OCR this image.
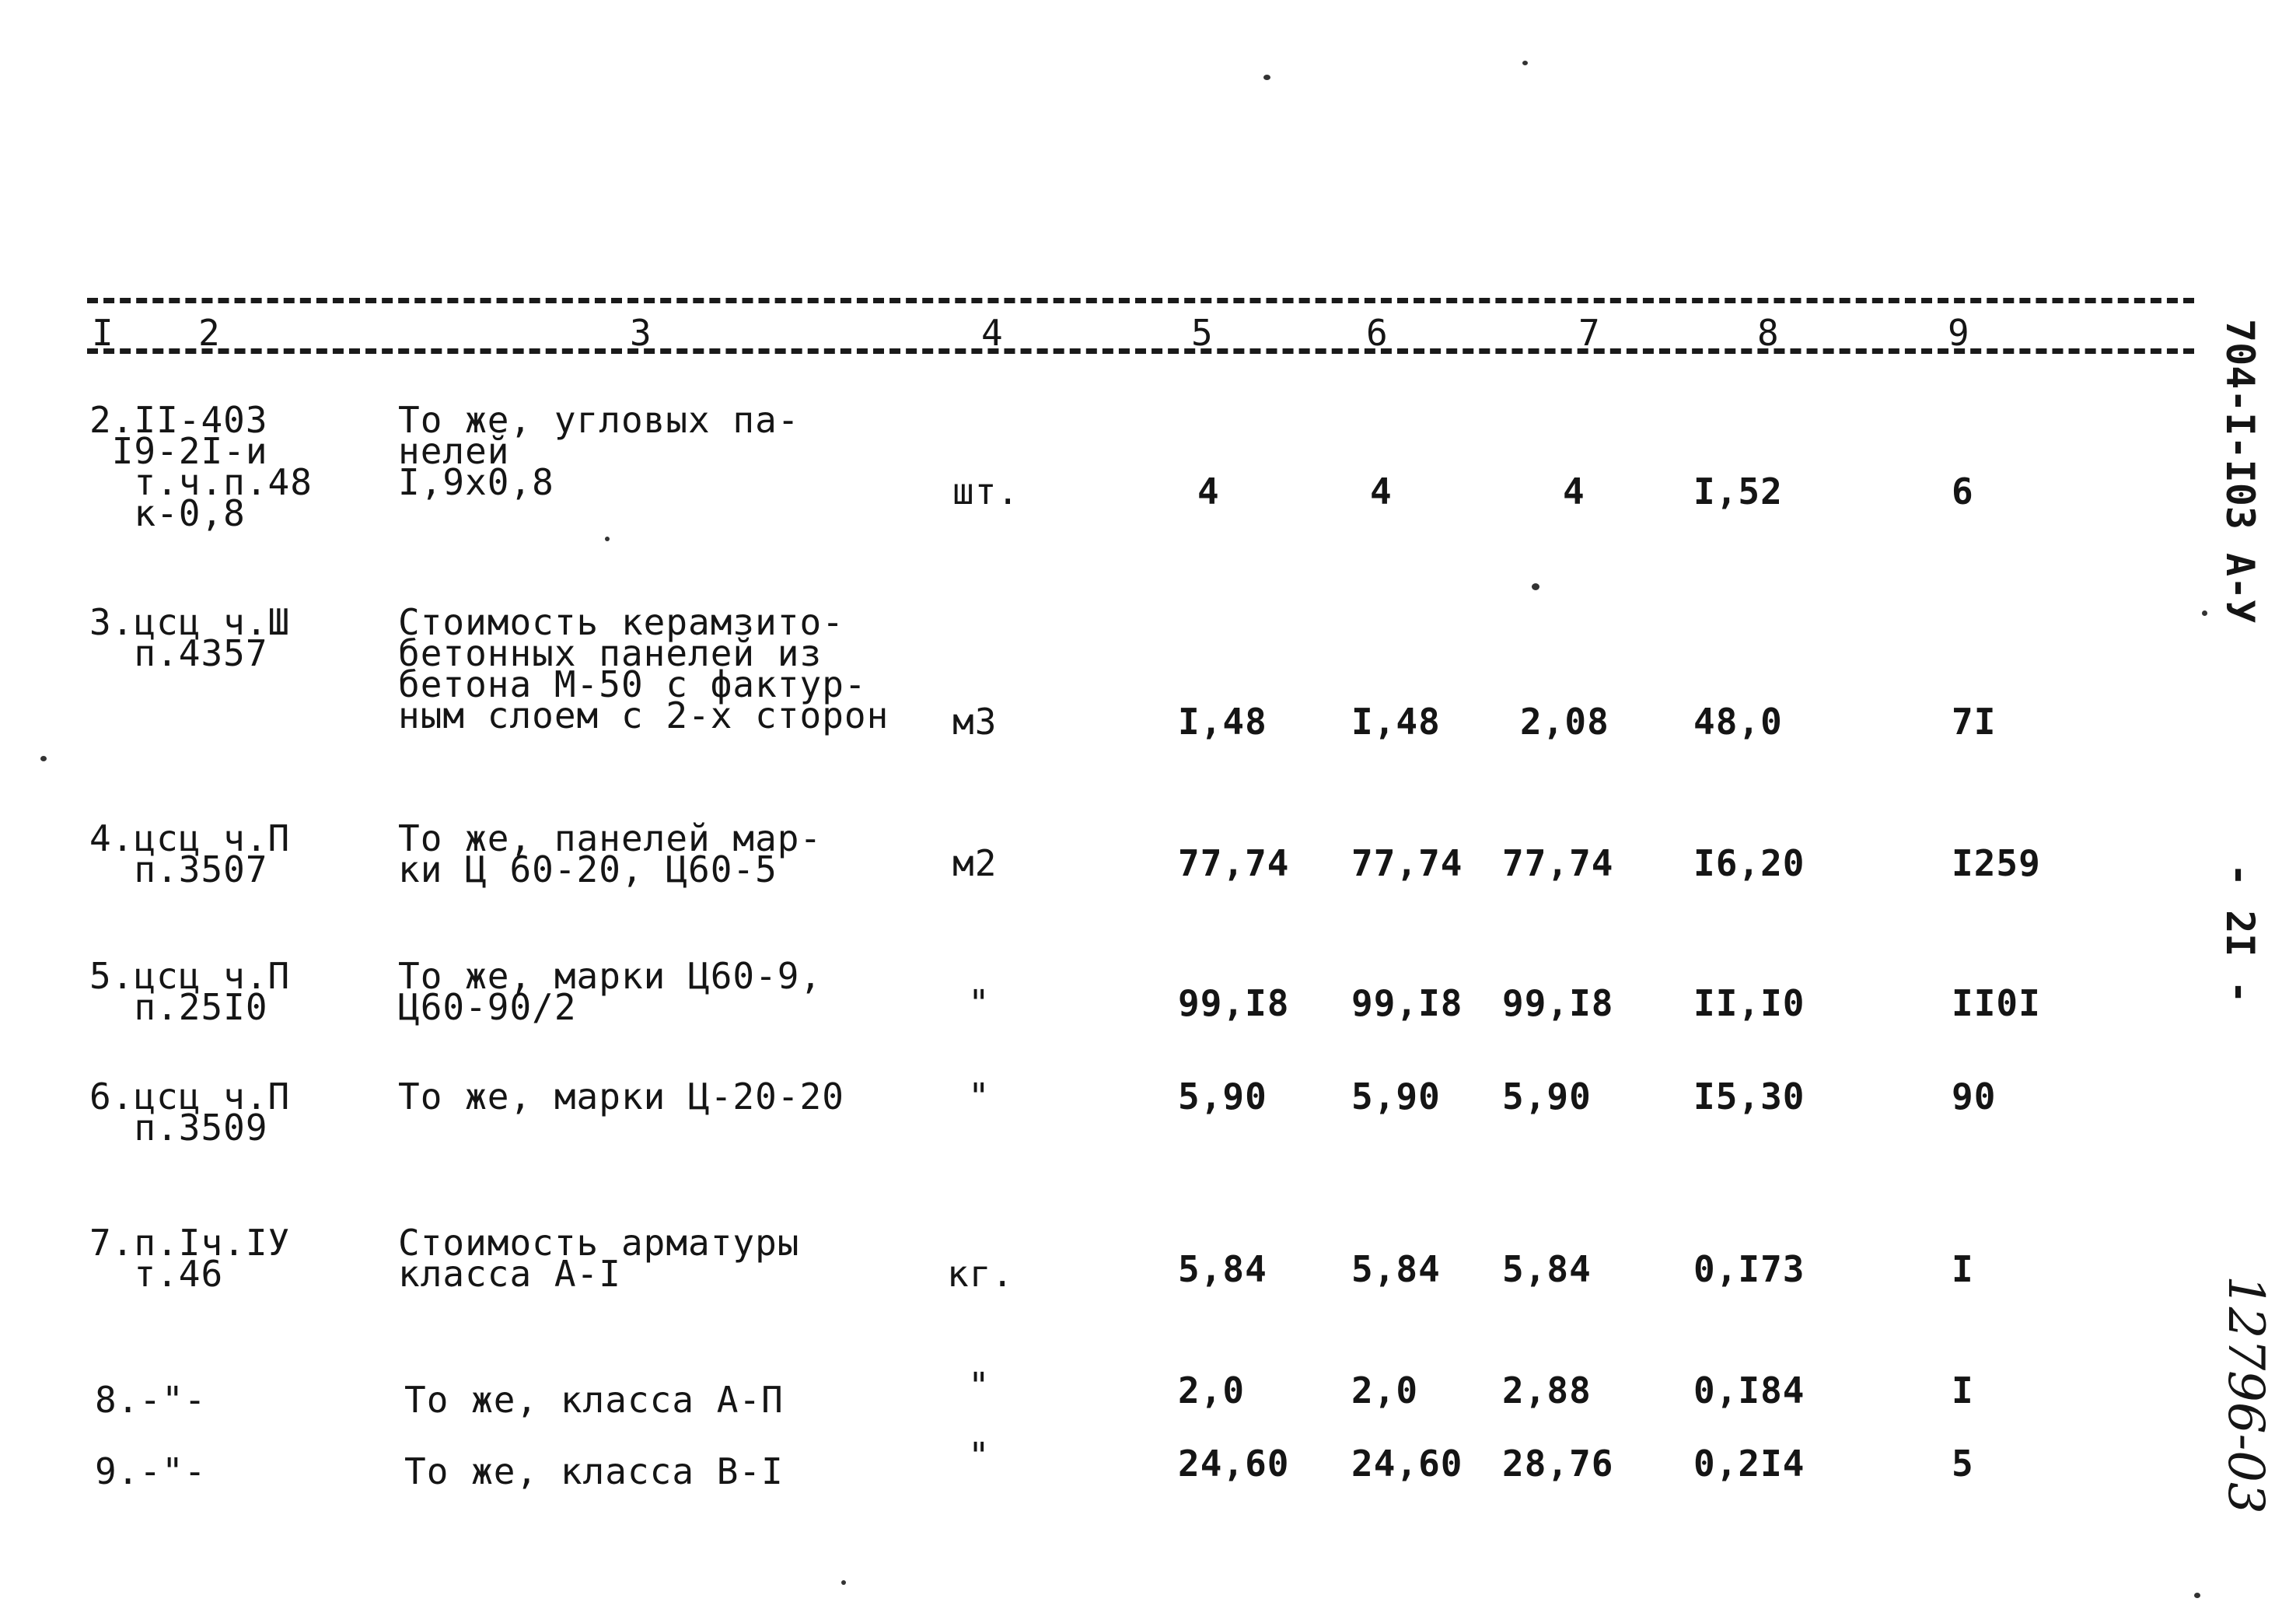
I 2	3	4	5	6	7	8	9
2.II-403
I9-2I-и
т.ч.п.48
к-0,8
То же, угловых па-
нелей
I,9х0,8	шт.	4	4	4	I,52	6
3.цсц ч.Ш
п.4357
Стоимость керамзито-
бетонных панелей из
бетона М-50 с фактур-
ным слоем с 2-х сторон м3	I,48 I,48 2,08 48,0	7I
4.цсц ч.П
п.3507
То же, панелей мар-
ки Ц 60-20, Ц60-5	м2	77,74 77,74 77,74 I6,20	I259
5.цсц ч.П
п.25I0
То же, марки Ц60-9,
Ц60-90/2	"	99,I8 99,I8 99,I8 II,I0	II0I
6.цсц ч.П
п.3509
То же, марки Ц-20-20	"	5,90 5,90 5,90	I5,30	90
7.п.Iч.IУ
т.46
Стоимость арматуры
класса А-I	кг.	5,84 5,84 5,84	0,I73	I
8.-"-	То же, класса А-П	"	2,0	2,0 2,88	0,I84	I
9.-"-	То же, класса В-I	"	24,60 24,60 28,76 0,2I4	5
704-I-I03 A-У
- 2I -
12796-03
